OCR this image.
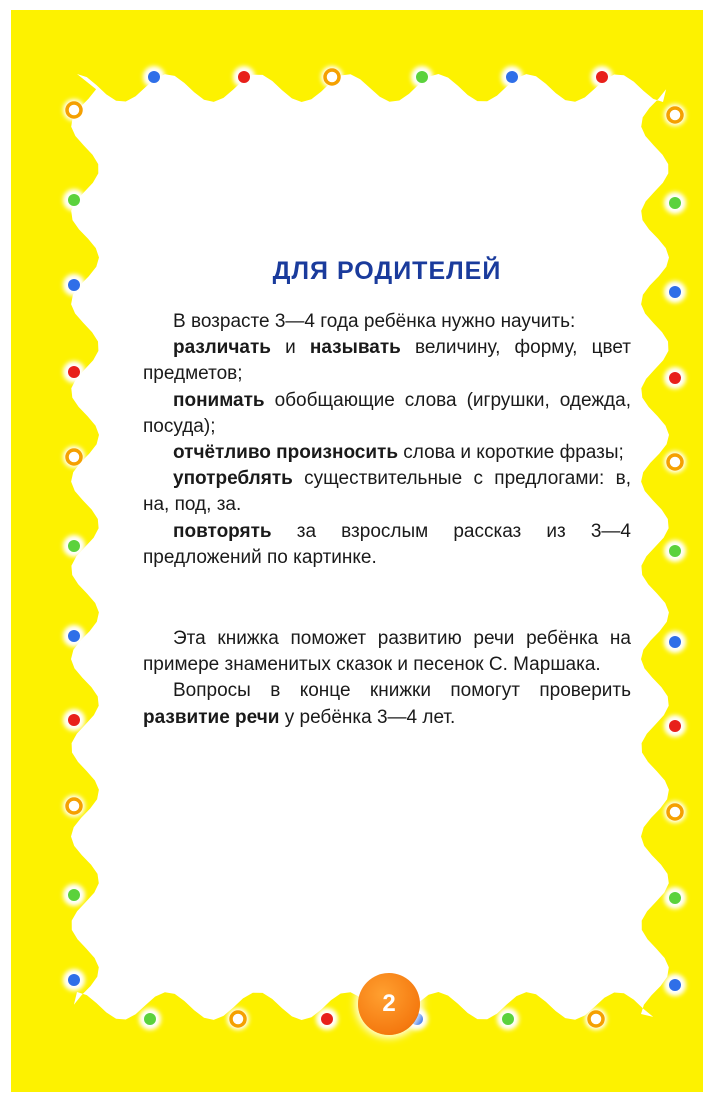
ДЛЯ РОДИТЕЛЕЙ

В возрасте 3—4 года ребёнка нужно научить:

различать и называть величину, форму, цвет предметов;

понимать обобщающие слова (игрушки, одежда, посуда);

отчётливо произносить слова и короткие фразы;

употреблять существительные с предлогами: в, на, под, за.

повторять за взрослым рассказ из 3—4 предложений по картинке.

Эта книжка поможет развитию речи ребёнка на примере знаменитых сказок и песенок С. Маршака.

Вопросы в конце книжки помогут проверить развитие речи у ребёнка 3—4 лет.

2
